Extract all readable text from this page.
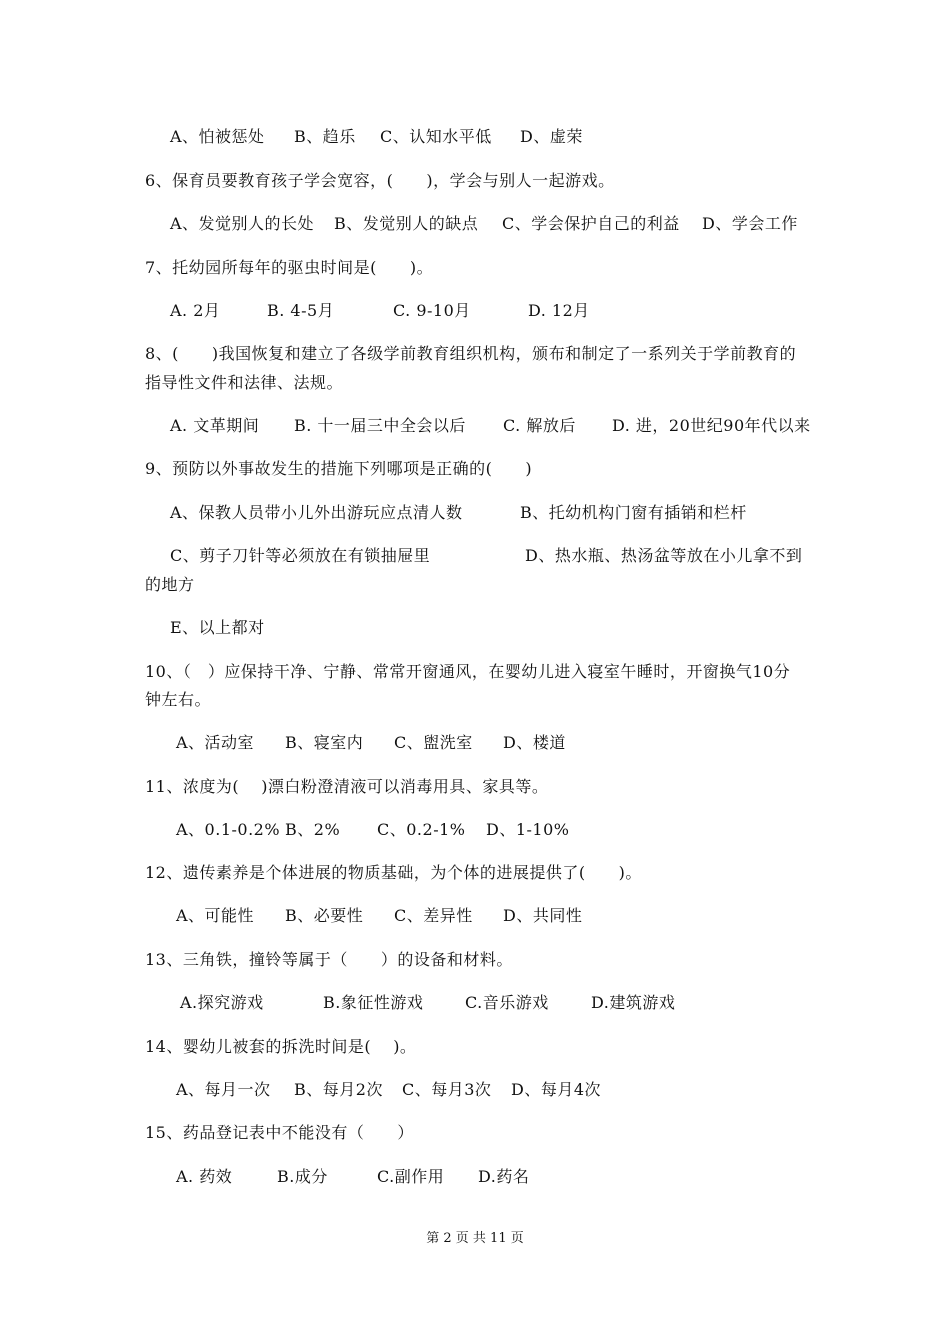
A、怕被惩处

B、趋乐

C、认知水平低

D、虚荣

6、保育员要教育孩子学会宽容，(　　)，学会与别人一起游戏。

A、发觉别人的长处

B、发觉别人的缺点

C、学会保护自己的利益

D、学会工作

7、托幼园所每年的驱虫时间是(　　)。

A. 2月

	B. 4-5月

	C. 9-10月

	D. 12月

8、(　　)我国恢复和建立了各级学前教育组织机构，颁布和制定了一系列关于学前教育的
指导性文件和法律、法规。

A. 文革期间

B. 十一届三中全会以后

C. 解放后

D. 进，20世纪90年代以来

9、预防以外事故发生的措施下列哪项是正确的(　　)

A、保教人员带小儿外出游玩应点清人数

	B、托幼机构门窗有插销和栏杆

C、剪子刀针等必须放在有锁抽屉里

	D、热水瓶、热汤盆等放在小儿拿不到

的地方
E、以上都对
10、（　）应保持干净、宁静、常常开窗通风，在婴幼儿进入寝室午睡时，开窗换气10分
钟左右。

A、活动室

B、寝室内

C、盥洗室

D、楼道

11、浓度为(　 )漂白粉澄清液可以消毒用具、家具等。

A、0.1-0.2%

B、2%

C、0.2-1%

D、1-10%

12、遗传素养是个体进展的物质基础，为个体的进展提供了(　　)。

A、可能性

B、必要性

C、差异性

D、共同性

13、三角铁，撞铃等属于（　　）的设备和材料。

A.探究游戏

	B.象征性游戏

	C.音乐游戏

	D.建筑游戏

14、婴幼儿被套的拆洗时间是(　 )。

A、每月一次

B、每月2次

C、每月3次

D、每月4次

15、药品登记表中不能没有（　　）

A. 药效

	B.成分

	C.副作用

D.药名

第 2 页 共 11 页
